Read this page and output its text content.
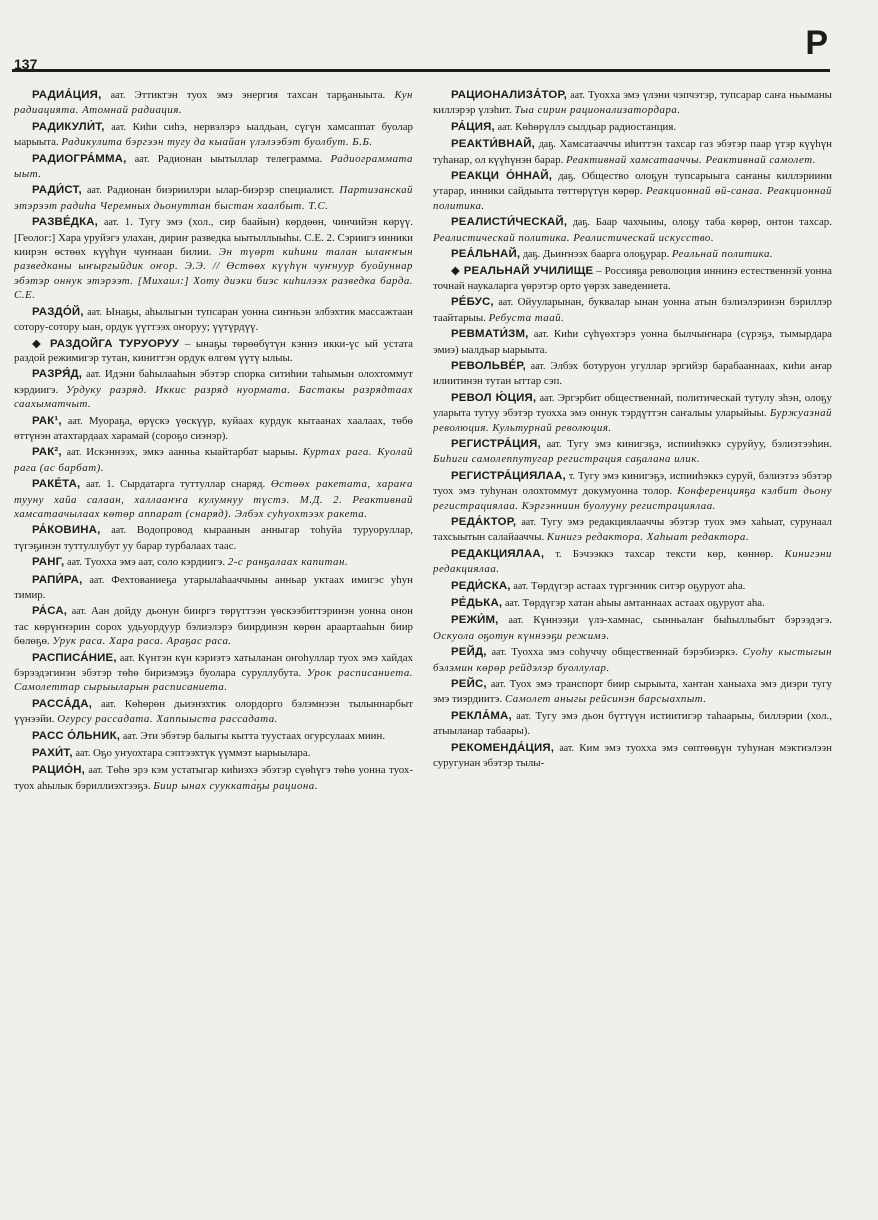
137
Р

РАДИА́ЦИЯ, аат. Эттиктэн туох эмэ энергия тахсан тарҕаныыта. Кун радиацията. Атомнай радиация.

РАДИКУЛИ́Т, аат. Киһи сиһэ, нервэлэрэ ыалдьан, сүгүн хамсаппат буолар ыарыыта. Радикулита бэргээн тугу да кыайан үлэлээбэт буолбут. Б.Б.

РАДИОГРА́ММА, аат. Радионан ыытыллар телеграмма. Радиограммата ыыт.

РАДИ́СТ, аат. Радионан биэриилэри ылар-биэрэр специалист. Партизанскай этэрээт радиһа Черемных дьонуттан быстан хаалбыт. Т.С.

РАЗВЕ́ДКА, аат. 1. Тугу эмэ (хол., сир баайын) көрдөөн, чинчийэн көрүү. [Геолог:] Хара уруйэгэ улахан, дириҥ разведка ыытыллыыһы. С.Е. 2. Сэриигэ инники киирэн өстөөх күүһүн чуҥнаан билии. Эн түөрт киһини талан ылаҥҥын разведканы ыҥыргыйдик оҥор. Э.Э. // Өстөөх күүһүн чуҥнуур буойуннар эбэтэр оннук этэрээт. [Михаил:] Хоту диэки биэс киһилээх разведка барда. С.Е.

РАЗДО́Й, аат. Ынаҕы, аһылыгын тупсаран уонна сиҥньэн элбэхтик массажтаан сотору-сотору ыан, ордук үүттээх оҥоруу; үүтүрдүү.

◆ РАЗДОЙГА ТУРУОРУУ – ынаҕы төрөөбүтүн кэннэ икки-үс ый устата раздой режимигэр тутан, киниттэн ордук өлгөм үүтү ылыы.

РАЗРЯ́Д, аат. Идэни баһылааһын эбэтэр спорка ситиһии таһымын олохтоммут кэрдиигэ. Урдуку разряд. Иккис разряд нуормата. Бастакы разрядтаах саахыматчыт.

РАК¹, аат. Муораҕа, өрүскэ үөскүүр, куйаах курдук кытаанах хаалаах, төбө өттүнэн атахтардаах харамай (сороҕо сиэнэр).

РАК², аат. Искэннээх, эмкэ аанньа кыайтарбат ыарыы. Куртах рага. Куолай рага (ас барбат).

РАКЕ́ТА, аат. 1. Сырдатарга туттуллар снаряд. Өстөөх ракетата, хараҥа тууну хайа салаан, халлааҥҥа кулумнуу түстэ. М.Д. 2. Реактивнай хамсатаачылаах көтөр аппарат (снаряд). Элбэх суһуохтээх ракета.

РА́КОВИНА, аат. Водопровод кыраанын анныгар тоһуйа туруоруллар, түгэҕинэн туттуллубут уу барар турбалаах таас.

РАНГ, аат. Туохха эмэ аат, соло кэрдиигэ. 2-с ранҕалаах капитан.

РАПИ́РА, аат. Фехтованиеҕа утарылаһааччыны анньар уктаах имигэс уһун тимир.

РА́СА, аат. Аан дойду дьонун бииргэ төрүттээн үөскээбиттэринэн уонна онон тас көрүҥнэрин сорох удьуордуур бэлиэлэрэ биирдинэн көрөн араартааһын биир бөлөҕө. Урук раса. Хара раса. Араҕас раса.

РАСПИСА́НИЕ, аат. Күнтэн күн кэриэтэ хатыланан оҥоһуллар туох эмэ хайдах бэрээдэгинэн эбэтэр төһө бириэмэҕэ буолара суруллубута. Урок расписаниета. Самолеттар сырыыларын расписаниета.

РАССА́ДА, аат. Көһөрөн дьиэнэхтик олордорго бэлэмнээн тылыннарбыт үүнээйи. Огурсу рассадата. Хаппыыста рассадата.

РАСС О́ЛЬНИК, аат. Эти эбэтэр балыгы кытта туустаах огурсулаах миин.

РАХИ́Т, аат. Оҕо уҥуохтара сэптээхтүк үүммэт ыарыылара.

РАЦИО́Н, аат. Төһө эрэ кэм устатыгар киһиэхэ эбэтэр сүөһүгэ төһө уонна туох-туох аһылык бэриллиэхтээҕэ. Биир ынах суукката́ҕы рациона.

РАЦИОНАЛИЗА́ТОР, аат. Туохха эмэ үлэни чэпчэтэр, тупсарар саҥа ньыманы киллэрэр үлэһит. Тыа сирин рационализатордара.

РА́ЦИЯ, аат. Көһөрүллэ сылдьар радиостанция.

РЕАКТИ́ВНАЙ, даҕ. Хамсатааччы иһиттэн тахсар газ эбэтэр паар үтэр күүһүн туһанар, ол күүһүнэн барар. Реактивнай хамсатааччы. Реактивнай самолет.

РЕАКЦИ О́ННАЙ, даҕ. Общество олоҕун тупсарыыга саҥаны киллэриини утарар, инники сайдыыта төттөрүтүн көрөр. Реакционнай өй-санаа. Реакционнай политика.

РЕАЛИСТИ́ЧЕСКАЙ, даҕ. Баар чахчыны, олоҕу таба көрөр, онтон тахсар. Реалистическай политика. Реалистическай искусство.

РЕА́ЛЬНАЙ, даҕ. Дьиҥнээх баарга олоҕурар. Реальнай политика.

◆ РЕАЛЬНАЙ УЧИЛИЩЕ – Россияҕа революция иннинэ естественнэй уонна точнай наукаларга үөрэтэр орто үөрэх заведениета.

РЕ́БУС, аат. Ойууларынан, буквалар ынан уонна атын бэлиэлэринэн бэриллэр таайтарыы. Ребуста таай.

РЕВМАТИ́ЗМ, аат. Киһи сүһүөхтэрэ уонна былчыҥнара (сүрэҕэ, тымырдара эмиэ) ыалдьар ыарыыта.

РЕВОЛЬВЕ́Р, аат. Элбэх ботуруон угуллар эргийэр барабааннаах, киһи аҥар илиитинэн тутан ыттар сэп.

РЕВОЛ Ю́ЦИЯ, аат. Эргэрбит общественнай, политическай тутулу эһэн, олоҕу уларыта тутуу эбэтэр туохха эмэ оннук тэрдүттэн саҥалыы уларыйыы. Буржуазнай революция. Культурнай революция.

РЕГИСТРА́ЦИЯ, аат. Тугу эмэ кинигэҕэ, испииһэккэ суруйуу, бэлиэтээһин. Биһиги самолеппутугар регистрация саҕалана илик.

РЕГИСТРА́ЦИЯЛАА, т. Тугу эмэ кинигэҕэ, испииһэккэ суруй, бэлиэтээ эбэтэр туох эмэ туһунан олохтоммут докумуонна толор. Конференцияҕа кэлбит дьону регистрациялаа. Кэргэнниин буолууну регистрациялаа.

РЕДА́КТОР, аат. Тугу эмэ редакциялааччы эбэтэр туох эмэ хаһыат, сурунаал тахсыытын салайааччы. Кинигэ редактора. Хаһыат редактора.

РЕДАКЦИЯЛАА, т. Бэчээккэ тахсар тексти көр, көннөр. Кинигэни редакциялаа.

РЕДИ́СКА, аат. Төрдүгэр астаах түргэнник ситэр оҕуруот аһа.

РЕ́ДЬКА, аат. Төрдүгэр хатан аһыы амтаннаах астаах оҕуруот аһа.

РЕЖИ́М, аат. Күннээҕи үлэ-хамнас, сынньалаҥ быһыллыбыт бэрээдэгэ. Оскуола оҕотун күннээҕи режимэ.

РЕЙД, аат. Туохха эмэ соһуччу общественнай бэрэбиэркэ. Суоһу кыстыгын бэлэмин көрөр рейдэлэр буоллулар.

РЕЙС, аат. Туох эмэ транспорт биир сырыыта, хантан ханыаха эмэ диэри тугу эмэ тиэрдиитэ. Самолет аныгы рейсинэн барсыахпыт.

РЕКЛА́МА, аат. Тугу эмэ дьон бүттүүн истиитигэр таһаарыы, биллэрии (хол., атыыланар табаары).

РЕКОМЕНДА́ЦИЯ, аат. Ким эмэ туохха эмэ сөптөөҕүн туһунан мэктиэлээн суругунан эбэтэр тылы-
